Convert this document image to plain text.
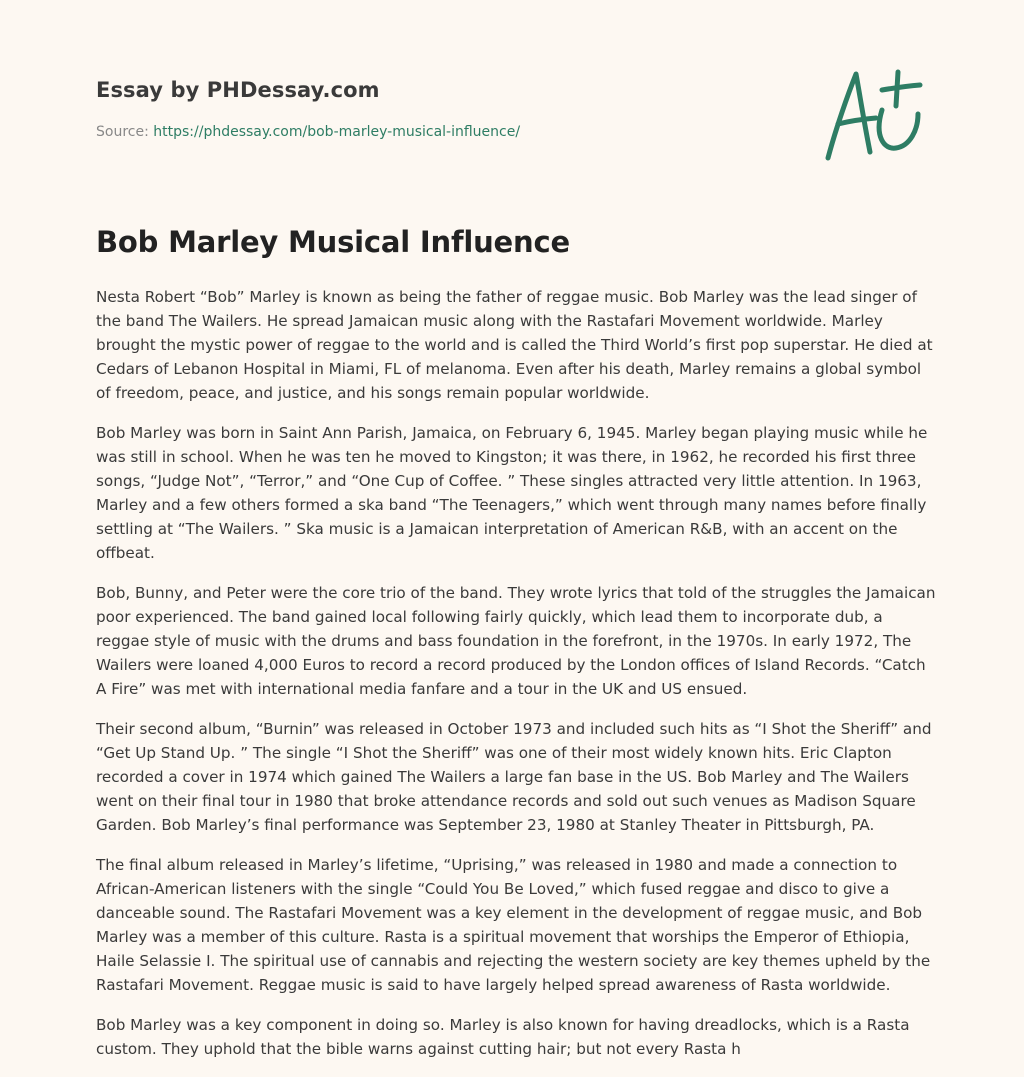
Essay by PHDessay.com
Source: https://phdessay.com/bob-marley-musical-influence/
Bob Marley Musical Influence

Nesta Robert “Bob” Marley is known as being the father of reggae music. Bob Marley was the lead singer of the band The Wailers. He spread Jamaican music along with the Rastafari Movement worldwide. Marley brought the mystic power of reggae to the world and is called the Third World’s first pop superstar. He died at Cedars of Lebanon Hospital in Miami, FL of melanoma. Even after his death, Marley remains a global symbol of freedom, peace, and justice, and his songs remain popular worldwide.

Bob Marley was born in Saint Ann Parish, Jamaica, on February 6, 1945. Marley began playing music while he was still in school. When he was ten he moved to Kingston; it was there, in 1962, he recorded his first three songs, “Judge Not”, “Terror,” and “One Cup of Coffee. ” These singles attracted very little attention. In 1963, Marley and a few others formed a ska band “The Teenagers,” which went through many names before finally settling at “The Wailers. ” Ska music is a Jamaican interpretation of American R&B, with an accent on the offbeat.

Bob, Bunny, and Peter were the core trio of the band. They wrote lyrics that told of the struggles the Jamaican poor experienced. The band gained local following fairly quickly, which lead them to incorporate dub, a reggae style of music with the drums and bass foundation in the forefront, in the 1970s. In early 1972, The Wailers were loaned 4,000 Euros to record a record produced by the London offices of Island Records. “Catch A Fire” was met with international media fanfare and a tour in the UK and US ensued.

Their second album, “Burnin” was released in October 1973 and included such hits as “I Shot the Sheriff” and “Get Up Stand Up. ” The single “I Shot the Sheriff” was one of their most widely known hits. Eric Clapton recorded a cover in 1974 which gained The Wailers a large fan base in the US. Bob Marley and The Wailers went on their final tour in 1980 that broke attendance records and sold out such venues as Madison Square Garden. Bob Marley’s final performance was September 23, 1980 at Stanley Theater in Pittsburgh, PA.

The final album released in Marley’s lifetime, “Uprising,” was released in 1980 and made a connection to African-American listeners with the single “Could You Be Loved,” which fused reggae and disco to give a danceable sound. The Rastafari Movement was a key element in the development of reggae music, and Bob Marley was a member of this culture. Rasta is a spiritual movement that worships the Emperor of Ethiopia, Haile Selassie I. The spiritual use of cannabis and rejecting the western society are key themes upheld by the Rastafari Movement. Reggae music is said to have largely helped spread awareness of Rasta worldwide.

Bob Marley was a key component in doing so. Marley is also known for having dreadlocks, which is a Rasta custom. They uphold that the bible warns against cutting hair; but not every Rasta h
